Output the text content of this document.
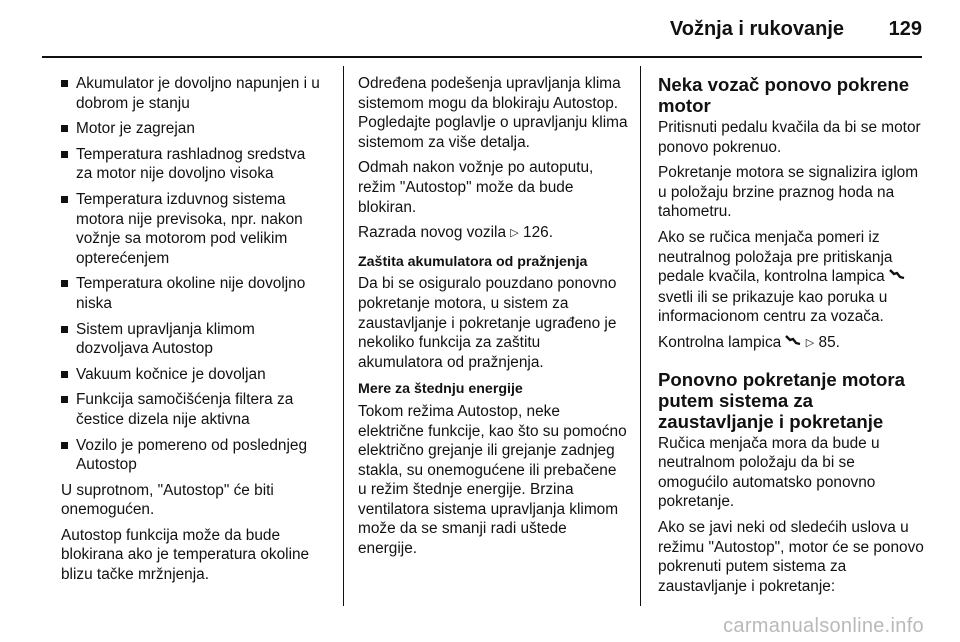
Vožnja i rukovanje 129
Akumulator je dovoljno napunjen i u dobrom je stanju
Motor je zagrejan
Temperatura rashladnog sredstva za motor nije dovoljno visoka
Temperatura izduvnog sistema motora nije previsoka, npr. nakon vožnje sa motorom pod velikim opterećenjem
Temperatura okoline nije dovoljno niska
Sistem upravljanja klimom dozvoljava Autostop
Vakuum kočnice je dovoljan
Funkcija samočišćenja filtera za čestice dizela nije aktivna
Vozilo je pomereno od poslednjeg Autostop

U suprotnom, "Autostop" će biti onemogućen.

Autostop funkcija može da bude blokirana ako je temperatura okoline blizu tačke mržnjenja.

Određena podešenja upravljanja klima sistemom mogu da blokiraju Autostop. Pogledajte poglavlje o upravljanju klima sistemom za više detalja.

Odmah nakon vožnje po autoputu, režim "Autostop" može da bude blokiran.

Razrada novog vozila ▷ 126.

Zaštita akumulatora od pražnjenja

Da bi se osiguralo pouzdano ponovno pokretanje motora, u sistem za zaustavljanje i pokretanje ugrađeno je nekoliko funkcija za zaštitu akumulatora od pražnjenja.

Mere za štednju energije

Tokom režima Autostop, neke električne funkcije, kao što su pomoćno električno grejanje ili grejanje zadnjeg stakla, su onemogućene ili prebačene u režim štednje energije. Brzina ventilatora sistema upravljanja klimom može da se smanji radi uštede energije.

Neka vozač ponovo pokrene motor

Pritisnuti pedalu kvačila da bi se motor ponovo pokrenuo.

Pokretanje motora se signalizira iglom u položaju brzine praznog hoda na tahometru.

Ako se ručica menjača pomeri iz neutralnog položaja pre pritiskanja pedale kvačila, kontrolna lampica  svetli ili se prikazuje kao poruka u informacionom centru za vozača.

Kontrolna lampica ▷ 85.

Ponovno pokretanje motora putem sistema za zaustavljanje i pokretanje

Ručica menjača mora da bude u neutralnom položaju da bi se omogućilo automatsko ponovno pokretanje.

Ako se javi neki od sledećih uslova u režimu "Autostop", motor će se ponovo pokrenuti putem sistema za zaustavljanje i pokretanje:

carmanualsonline.info
